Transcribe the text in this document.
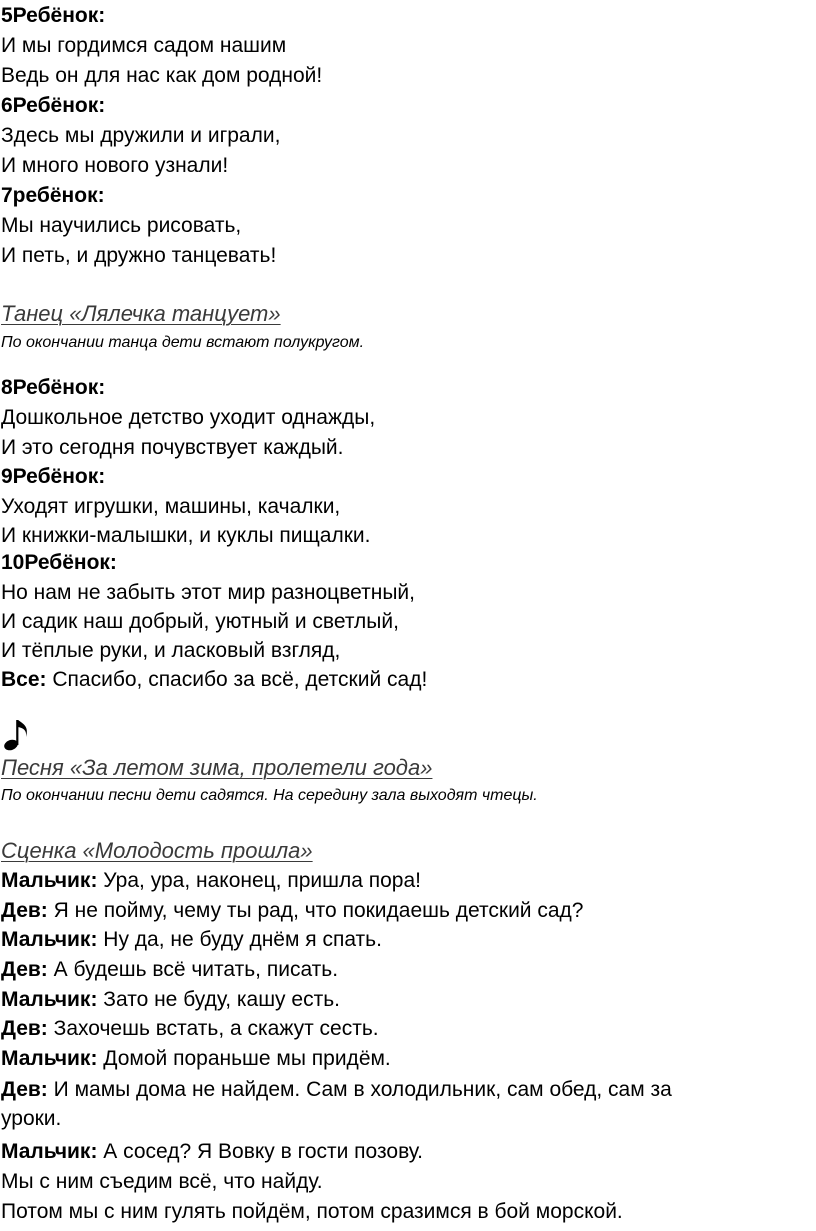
5Ребёнок:
И мы гордимся садом нашим
Ведь он для нас как дом родной!
6Ребёнок:
Здесь мы дружили и играли,
И много нового узнали!
7ребёнок:
Мы научились рисовать,
И петь, и дружно танцевать!
Танец «Лялечка танцует»
По окончании танца дети встают полукругом.
8Ребёнок:
Дошкольное детство уходит однажды,
И это сегодня почувствует каждый.
9Ребёнок:
Уходят игрушки, машины, качалки,
И книжки-малышки, и куклы пищалки.
10Ребёнок:
Но нам не забыть этот мир разноцветный,
И садик наш добрый, уютный и светлый,
И тёплые руки, и ласковый взгляд,
Все: Спасибо, спасибо за всё, детский сад!
Песня «За летом зима, пролетели года»
По окончании песни дети садятся. На середину зала выходят чтецы.
Сценка «Молодость прошла»
Мальчик: Ура, ура, наконец, пришла пора!
Дев: Я не пойму, чему ты рад, что покидаешь детский сад?
Мальчик: Ну да, не буду днём я спать.
Дев: А будешь всё читать, писать.
Мальчик: Зато не буду, кашу есть.
Дев: Захочешь встать, а скажут сесть.
Мальчик: Домой пораньше мы придём.
Дев: И мамы дома не найдем. Сам в холодильник, сам обед, сам за
уроки.
Мальчик: А сосед? Я Вовку в гости позову.
Мы с ним съедим всё, что найду.
Потом мы с ним гулять пойдём, потом сразимся в бой морской.
